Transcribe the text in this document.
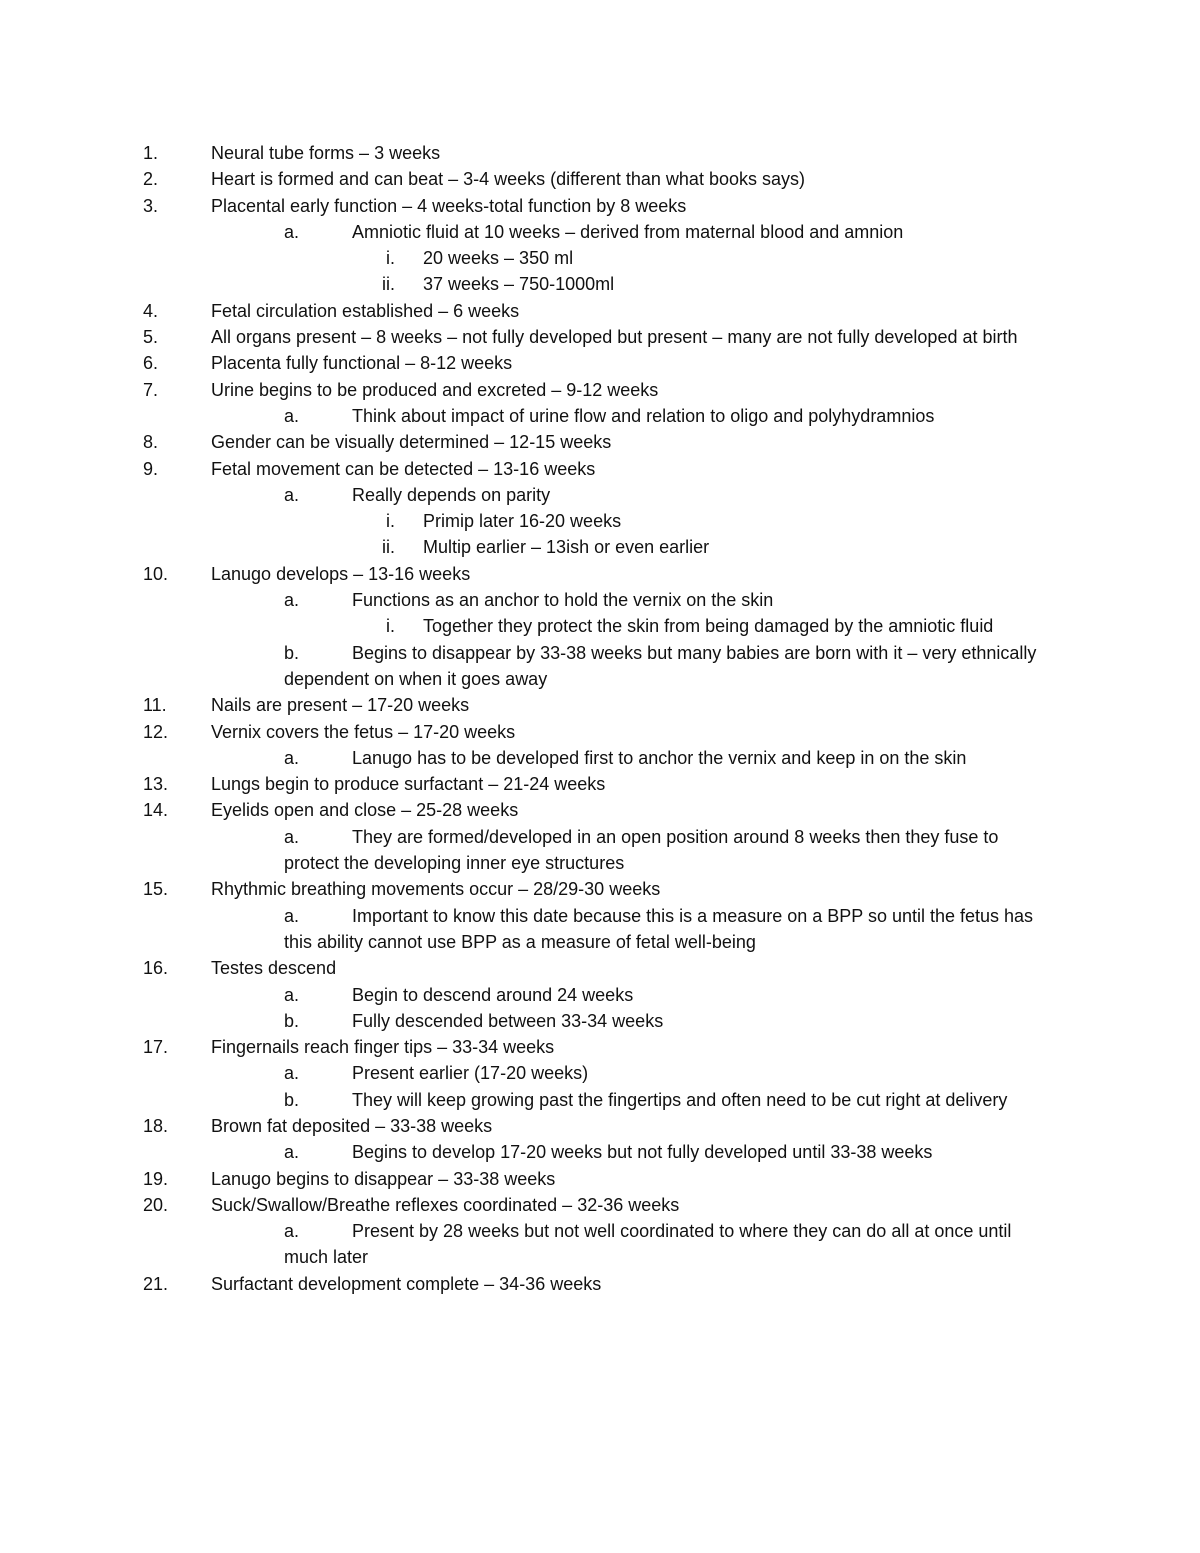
1.	Neural tube forms – 3 weeks
2.	Heart is formed and can beat – 3-4 weeks (different than what books says)
3.	Placental early function – 4 weeks-total function by 8 weeks
a.	Amniotic fluid at 10 weeks – derived from maternal blood and amnion
i.	20 weeks – 350 ml
ii.	37 weeks – 750-1000ml
4.	Fetal circulation established – 6 weeks
5.	All organs present – 8 weeks – not fully developed but present – many are not fully developed at birth
6.	Placenta fully functional – 8-12 weeks
7.	Urine begins to be produced and excreted – 9-12 weeks
a.	Think about impact of urine flow and relation to oligo and polyhydramnios
8.	Gender can be visually determined – 12-15 weeks
9.	Fetal movement can be detected – 13-16 weeks
a.	Really depends on parity
i.	Primip later 16-20 weeks
ii.	Multip earlier – 13ish or even earlier
10.	Lanugo develops – 13-16 weeks
a.	Functions as an anchor to hold the vernix on the skin
i.	Together they protect the skin from being damaged by the amniotic fluid
b.	Begins to disappear by 33-38 weeks but many babies are born with it – very ethnically dependent on when it goes away
11.	Nails are present – 17-20 weeks
12.	Vernix covers the fetus – 17-20 weeks
a.	Lanugo has to be developed first to anchor the vernix and keep in on the skin
13.	Lungs begin to produce surfactant – 21-24 weeks
14.	Eyelids open and close – 25-28 weeks
a.	They are formed/developed in an open position around 8 weeks then they fuse to protect the developing inner eye structures
15.	Rhythmic breathing movements occur – 28/29-30 weeks
a.	Important to know this date because this is a measure on a BPP so until the fetus has this ability cannot use BPP as a measure of fetal well-being
16.	Testes descend
a.	Begin to descend around 24 weeks
b.	Fully descended between 33-34 weeks
17.	Fingernails reach finger tips – 33-34 weeks
a.	Present earlier (17-20 weeks)
b.	They will keep growing past the fingertips and often need to be cut right at delivery
18.	Brown fat deposited – 33-38 weeks
a.	Begins to develop 17-20 weeks but not fully developed until 33-38 weeks
19.	Lanugo begins to disappear – 33-38 weeks
20.	Suck/Swallow/Breathe reflexes coordinated – 32-36 weeks
a.	Present by 28 weeks but not well coordinated to where they can do all at once until much later
21.	Surfactant development complete – 34-36 weeks
